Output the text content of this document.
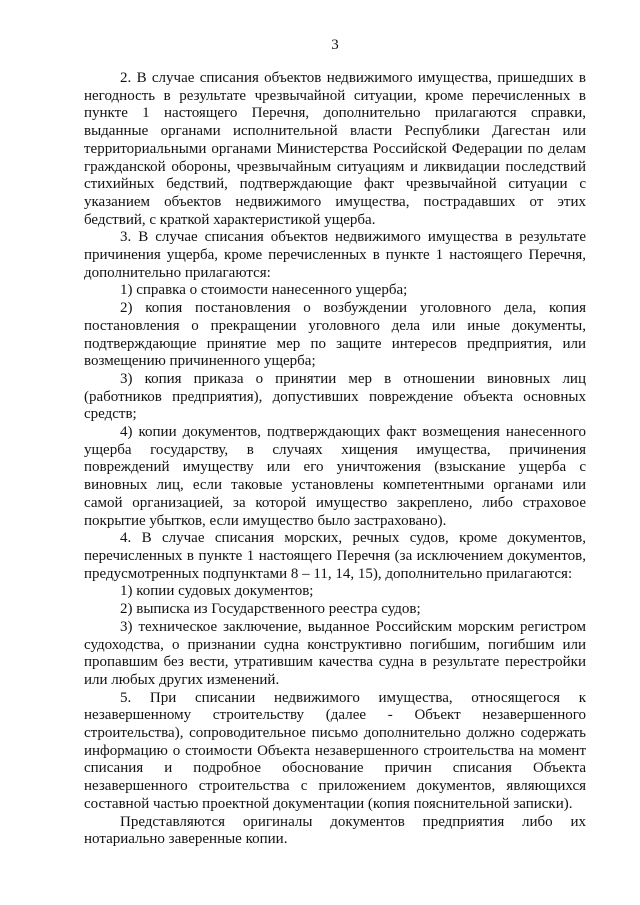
3

2. В случае списания объектов недвижимого имущества, пришедших в негодность в результате чрезвычайной ситуации, кроме перечисленных в пункте 1 настоящего Перечня, дополнительно прилагаются справки, выданные органами исполнительной власти Республики Дагестан или территориальными органами Министерства Российской Федерации по делам гражданской обороны, чрезвычайным ситуациям и ликвидации последствий стихийных бедствий, подтверждающие факт чрезвычайной ситуации с указанием объектов недвижимого имущества, пострадавших от этих бедствий, с краткой характеристикой ущерба.

3. В случае списания объектов недвижимого имущества в результате причинения ущерба, кроме перечисленных в пункте 1 настоящего Перечня, дополнительно прилагаются:

1) справка о стоимости нанесенного ущерба;

2) копия постановления о возбуждении уголовного дела, копия постановления о прекращении уголовного дела или иные документы, подтверждающие принятие мер по защите интересов предприятия, или возмещению причиненного ущерба;

3) копия приказа о принятии мер в отношении виновных лиц (работников предприятия), допустивших повреждение объекта основных средств;

4) копии документов, подтверждающих факт возмещения нанесенного ущерба государству, в случаях хищения имущества, причинения повреждений имуществу или его уничтожения (взыскание ущерба с виновных лиц, если таковые установлены компетентными органами или самой организацией, за которой имущество закреплено, либо страховое покрытие убытков, если имущество было застраховано).

4. В случае списания морских, речных судов, кроме документов, перечисленных в пункте 1 настоящего Перечня (за исключением документов, предусмотренных подпунктами 8 – 11, 14, 15), дополнительно прилагаются:

1) копии судовых документов;

2) выписка из Государственного реестра судов;

3) техническое заключение, выданное Российским морским регистром судоходства, о признании судна конструктивно погибшим, погибшим или пропавшим без вести, утратившим качества судна в результате перестройки или любых других изменений.

5. При списании недвижимого имущества, относящегося к незавершенному строительству (далее - Объект незавершенного строительства), сопроводительное письмо дополнительно должно содержать информацию о стоимости Объекта незавершенного строительства на момент списания и подробное обоснование причин списания Объекта незавершенного строительства с приложением документов, являющихся составной частью проектной документации (копия пояснительной записки).

Представляются оригиналы документов предприятия либо их нотариально заверенные копии.
